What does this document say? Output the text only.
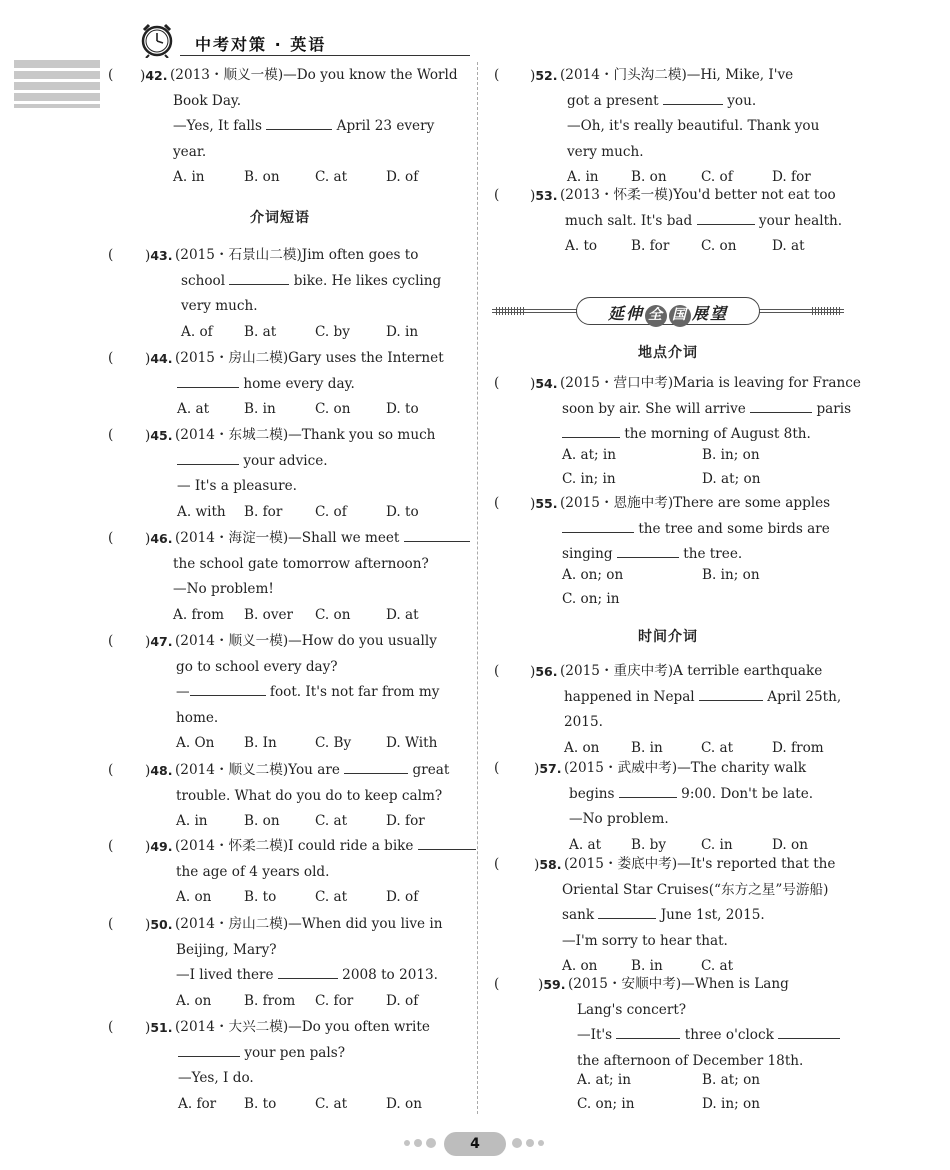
中考对策 · 英语
介词短语
地点介词
时间介词
延伸 全 国 展望
4
( )42.
A. in	B. on	C. at	D. of
(2013・顺义一模)—Do you know the World
Book Day.
—Yes, It falls	April 23 every
year.
( )43.
A. of B. at	C. by	D. in
(2015・石景山二模)Jim often goes to
school	bike. He likes cycling
very much.
( )44.
A. at	B. in	C. on	D. to
(2015・房山二模)Gary uses the Internet
home every day.
( )45.
A. with B. for C. of	D. to
(2014・东城二模)—Thank you so much
your advice.
— It's a pleasure.
( )46.
A. from B. over C. on	D. at
(2014・海淀一模)—Shall we meet
the school gate tomorrow afternoon?
—No problem!
( )47.
A. On B. In	C. By	D. With
(2014・顺义一模)—How do you usually
go to school every day?
—	foot. It's not far from my
home.
( )48.
A. in	B. on	C. at	D. for
(2014・顺义二模)You are	great
trouble. What do you do to keep calm?
( )49.
A. on B. to	C. at	D. of
(2014・怀柔二模)I could ride a bike
the age of 4 years old.
( )50.
A. on B. from C. for D. of
(2014・房山二模)—When did you live in
Beijing, Mary?
—I lived there	2008 to 2013.
( )51.
A. for B. to	C. at	D. on
(2014・大兴二模)—Do you often write
your pen pals?
—Yes, I do.
( )52.
A. in B. on	C. of	D. for
(2014・门头沟二模)—Hi, Mike, I've
got a present	you.
—Oh, it's really beautiful. Thank you
very much.
( )53.
A. to B. for C. on	D. at
(2013・怀柔一模)You'd better not eat too
much salt. It's bad	your health.
( )54.
A. at; in	B. in; on
C. in; in	D. at; on
(2015・营口中考)Maria is leaving for France
soon by air. She will arrive	paris
the morning of August 8th.
( )55.
A. on; on	B. in; on
C. on; in
(2015・恩施中考)There are some apples
the tree and some birds are
singing	the tree.
( )56.
A. on B. in	C. at	D. from
(2015・重庆中考)A terrible earthquake
happened in Nepal	April 25th,
2015.
(	)57.
A. at B. by	C. in	D. on
(2015・武威中考)—The charity walk
begins	9:00. Don't be late.
—No problem.
(	)58.
A. on B. in	C. at
(2015・娄底中考)—It's reported that the
Oriental Star Cruises(“东方之星”号游船)
sank	June 1st, 2015.
—I'm sorry to hear that.
(	)59.
A. at; in	B. at; on
C. on; in	D. in; on
(2015・安顺中考)—When is Lang
Lang's concert?
—It's	three o'clock
the afternoon of December 18th.
